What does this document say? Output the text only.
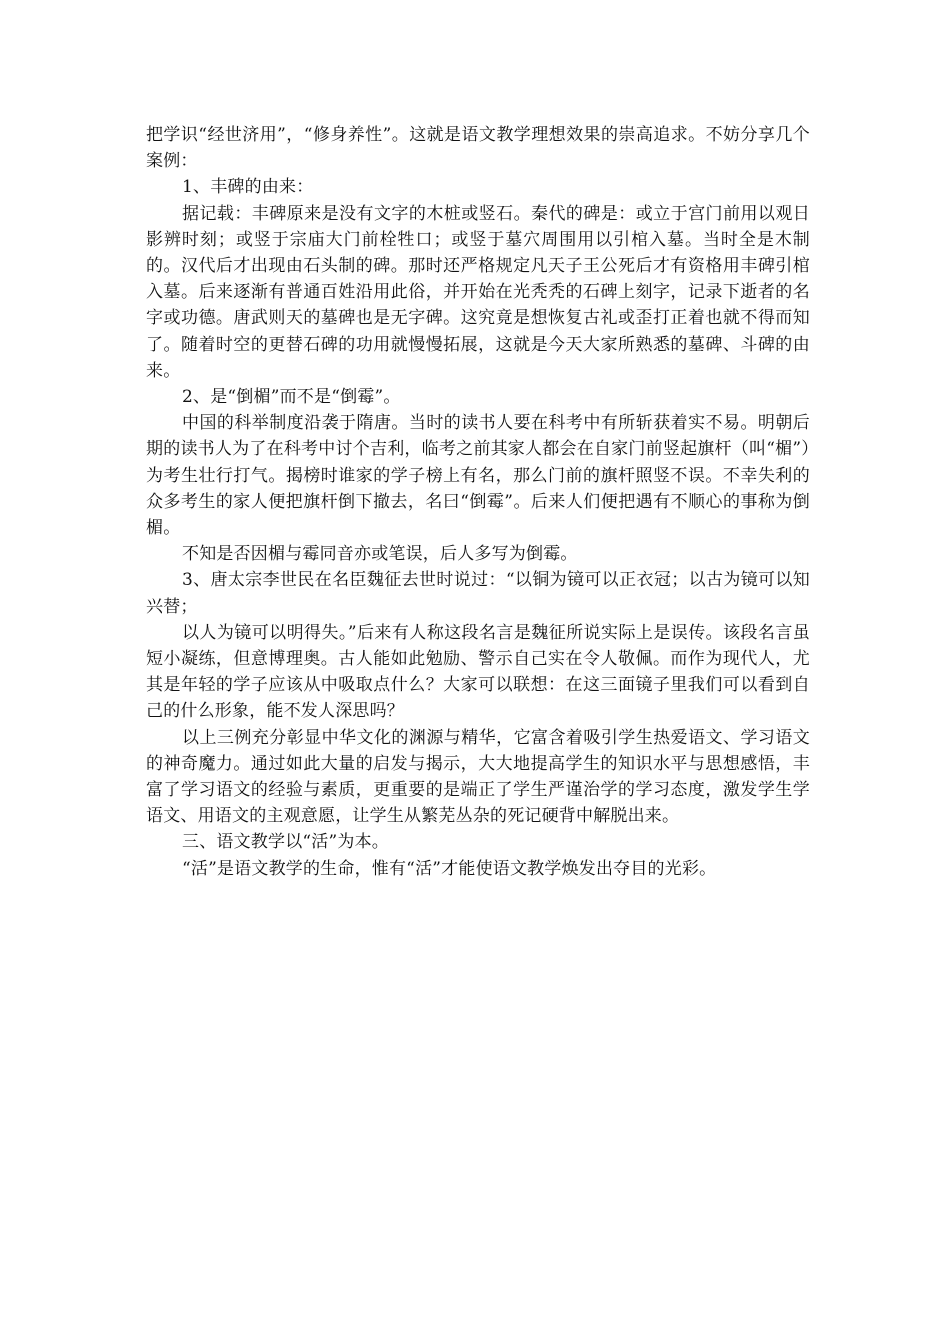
把学识“经世济用”，“修身养性”。这就是语文教学理想效果的崇高追求。不妨分享几个案例：

1、丰碑的由来：

据记载：丰碑原来是没有文字的木桩或竖石。秦代的碑是：或立于宫门前用以观日影辨时刻；或竖于宗庙大门前栓牲口；或竖于墓穴周围用以引棺入墓。当时全是木制的。汉代后才出现由石头制的碑。那时还严格规定凡天子王公死后才有资格用丰碑引棺入墓。后来逐渐有普通百姓沿用此俗，并开始在光秃秃的石碑上刻字，记录下逝者的名字或功德。唐武则天的墓碑也是无字碑。这究竟是想恢复古礼或歪打正着也就不得而知了。随着时空的更替石碑的功用就慢慢拓展，这就是今天大家所熟悉的墓碑、斗碑的由来。

2、是“倒楣”而不是“倒霉”。

中国的科举制度沿袭于隋唐。当时的读书人要在科考中有所斩获着实不易。明朝后期的读书人为了在科考中讨个吉利，临考之前其家人都会在自家门前竖起旗杆（叫“楣”）为考生壮行打气。揭榜时谁家的学子榜上有名，那么门前的旗杆照竖不误。不幸失利的众多考生的家人便把旗杆倒下撤去，名曰“倒霉”。后来人们便把遇有不顺心的事称为倒楣。

不知是否因楣与霉同音亦或笔误，后人多写为倒霉。

3、唐太宗李世民在名臣魏征去世时说过：“以铜为镜可以正衣冠；以古为镜可以知兴替；

以人为镜可以明得失。”后来有人称这段名言是魏征所说实际上是误传。该段名言虽短小凝练，但意博理奥。古人能如此勉励、警示自己实在令人敬佩。而作为现代人，尤其是年轻的学子应该从中吸取点什么？大家可以联想：在这三面镜子里我们可以看到自己的什么形象，能不发人深思吗？

以上三例充分彰显中华文化的渊源与精华，它富含着吸引学生热爱语文、学习语文的神奇魔力。通过如此大量的启发与揭示，大大地提高学生的知识水平与思想感悟，丰富了学习语文的经验与素质，更重要的是端正了学生严谨治学的学习态度，激发学生学语文、用语文的主观意愿，让学生从繁芜丛杂的死记硬背中解脱出来。

三、语文教学以“活”为本。

“活”是语文教学的生命，惟有“活”才能使语文教学焕发出夺目的光彩。
